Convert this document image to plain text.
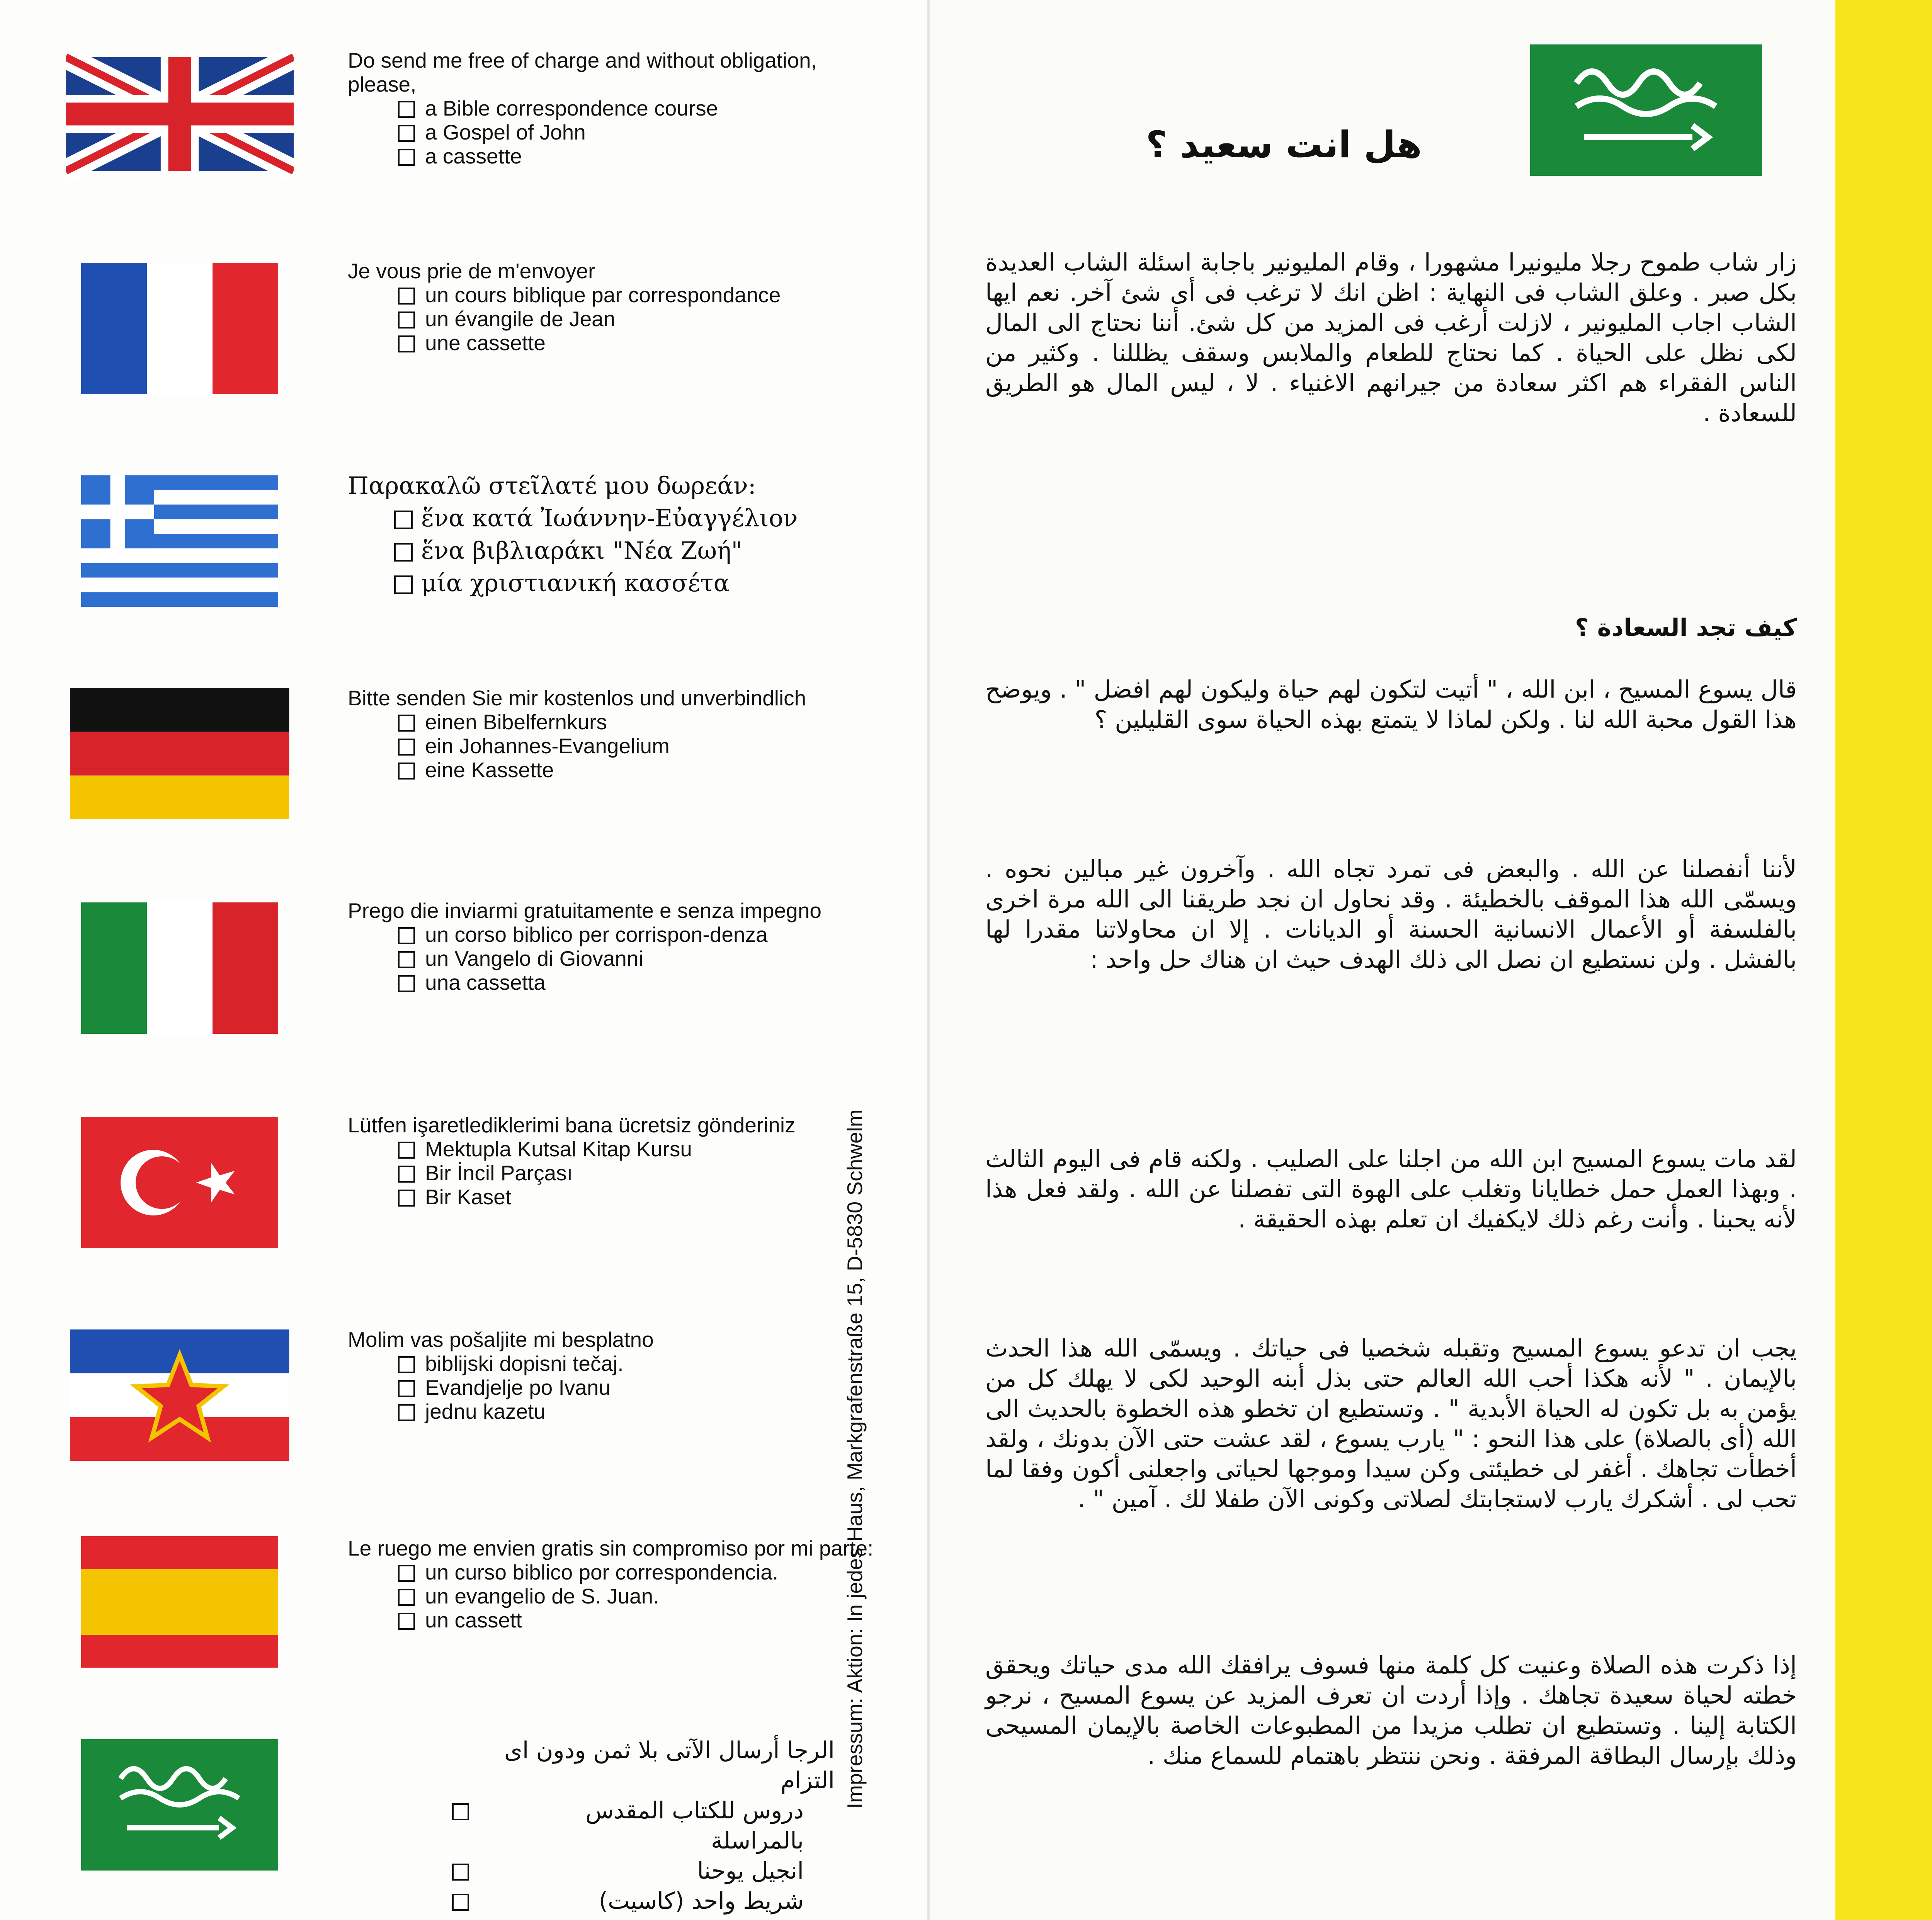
Do send me free of charge and without obligation, please,

a Bible correspondence course
a Gospel of John
a cassette

Je vous prie de m'envoyer

un cours biblique par correspondance
un évangile de Jean
une cassette

Παρακαλῶ στεῖλατέ μου δωρεάν:

ἕνα κατά Ἰωάννην-Εὐαγγέλιον
ἕνα βιβλιαράκι "Νέα Ζωή"
μία χριστιανική κασσέτα

Bitte senden Sie mir kostenlos und unverbindlich

einen Bibelfernkurs
ein Johannes-Evangelium
eine Kassette

Prego die inviarmi gratuitamente e senza impegno

un corso biblico per corrispon-denza
un Vangelo di Giovanni
una cassetta

Lütfen işaretlediklerimi bana ücretsiz gönderiniz

Mektupla Kutsal Kitap Kursu
Bir İncil Parçası
Bir Kaset

Molim vas pošaljite mi besplatno

biblijski dopisni tečaj.
Evandjelje po Ivanu
jednu kazetu

Le ruego me envien gratis sin compromiso por mi parte:

un curso biblico por correspondencia.
un evangelio de S. Juan.
un cassett

الرجا أرسال الآتى بلا ثمن ودون اى التزام

دروس للكتاب المقدس بالمراسلة
انجيل يوحنا
شريط واحد (كاسيت)
Impressum: Aktion: In jedes Haus, Markgrafenstraße 15, D-5830 Schwelm
هل انت سعيد ؟

زار شاب طموح رجلا مليونيرا مشهورا ، وقام المليونير باجابة اسئلة الشاب العديدة بكل صبر . وعلق الشاب فى النهاية : اظن انك لا ترغب فى أى شئ آخر. نعم ايها الشاب اجاب المليونير ، لازلت أرغب فى المزيد من كل شئ. أننا نحتاج الى المال لكى نظل على الحياة . كما نحتاج للطعام والملابس وسقف يظللنا . وكثير من الناس الفقراء هم اكثر سعادة من جيرانهم الاغنياء . لا ، ليس المال هو الطريق للسعادة .

كيف تجد السعادة ؟

قال يسوع المسيح ، ابن الله ، " أتيت لتكون لهم حياة وليكون لهم افضل " . ويوضح هذا القول محبة الله لنا . ولكن لماذا لا يتمتع بهذه الحياة سوى القليلين ؟

لأننا أنفصلنا عن الله . والبعض فى تمرد تجاه الله . وآخرون غير مبالين نحوه . ويسمّى الله هذا الموقف بالخطيئة . وقد نحاول ان نجد طريقنا الى الله مرة اخرى بالفلسفة أو الأعمال الانسانية الحسنة أو الديانات . إلا ان محاولاتنا مقدرا لها بالفشل . ولن نستطيع ان نصل الى ذلك الهدف حيث ان هناك حل واحد :

لقد مات يسوع المسيح ابن الله من اجلنا على الصليب . ولكنه قام فى اليوم الثالث . وبهذا العمل حمل خطايانا وتغلب على الهوة التى تفصلنا عن الله . ولقد فعل هذا لأنه يحبنا . وأنت رغم ذلك لايكفيك ان تعلم بهذه الحقيقة .

يجب ان تدعو يسوع المسيح وتقبله شخصيا فى حياتك . ويسمّى الله هذا الحدث بالإيمان . " لأنه هكذا أحب الله العالم حتى بذل أبنه الوحيد لكى لا يهلك كل من يؤمن به بل تكون له الحياة الأبدية " . وتستطيع ان تخطو هذه الخطوة بالحديث الى الله (أى بالصلاة) على هذا النحو : " يارب يسوع ، لقد عشت حتى الآن بدونك ، ولقد أخطأت تجاهك . أغفر لى خطيئتى وكن سيدا وموجها لحياتى واجعلنى أكون وفقا لما تحب لى . أشكرك يارب لاستجابتك لصلاتى وكونى الآن طفلا لك . آمين " .

إذا ذكرت هذه الصلاة وعنيت كل كلمة منها فسوف يرافقك الله مدى حياتك ويحقق خطته لحياة سعيدة تجاهك . وإذا أردت ان تعرف المزيد عن يسوع المسيح ، نرجو الكتابة إلينا . وتستطيع ان تطلب مزيدا من المطبوعات الخاصة بالإيمان المسيحى وذلك بإرسال البطاقة المرفقة . ونحن ننتظر باهتمام للسماع منك .
